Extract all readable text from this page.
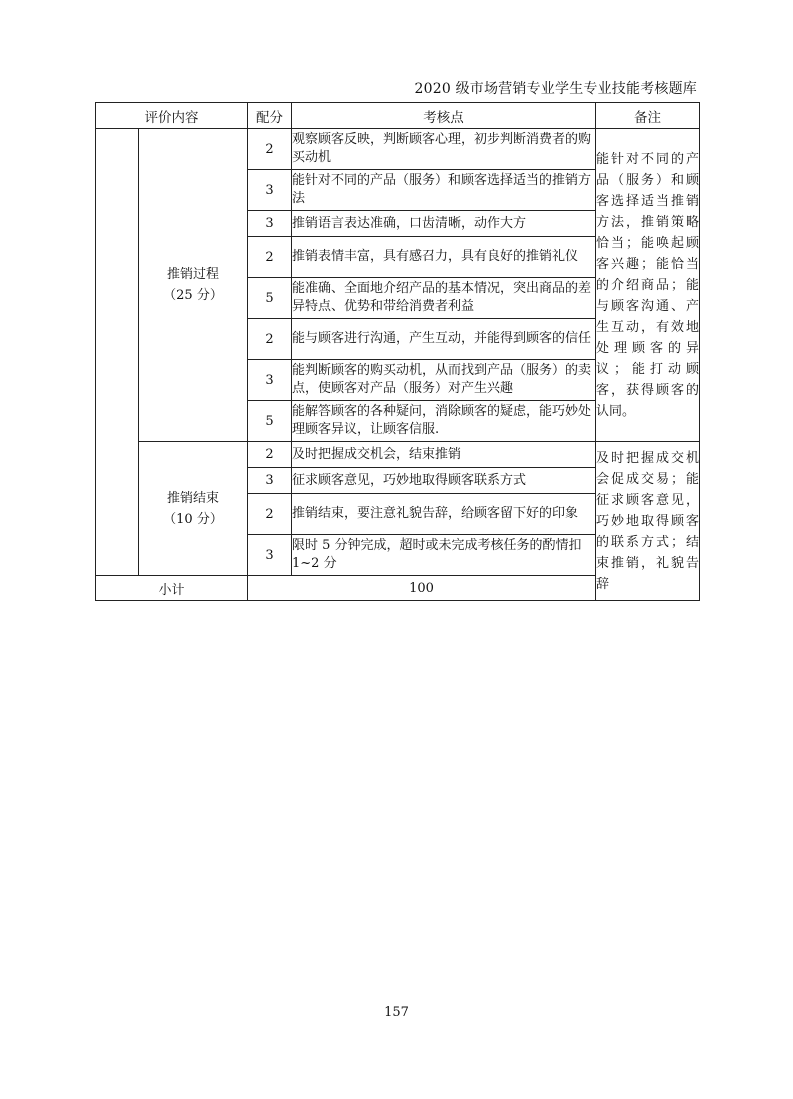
2020 级市场营销专业学生专业技能考核题库
评价内容		配分	考核点	备注

	推销过程
（25 分）	2	观察顾客反映，判断顾客心理，初步判断消费者的购买动机	能针对不同的产品（服务）和顾客选择适当推销方法，推销策略恰当；能唤起顾客兴趣；能恰当的介绍商品；能与顾客沟通、产生互动，有效地处理顾客的异议；能打动顾客，获得顾客的认同。
		3	能针对不同的产品（服务）和顾客选择适当的推销方法	
		3	推销语言表达准确，口齿清晰，动作大方	
		2	推销表情丰富，具有感召力，具有良好的推销礼仪	
		5	能准确、全面地介绍产品的基本情况，突出商品的差异特点、优势和带给消费者利益	
		2	能与顾客进行沟通，产生互动，并能得到顾客的信任	
		3	能判断顾客的购买动机，从而找到产品（服务）的卖点，使顾客对产品（服务）对产生兴趣	
		5	能解答顾客的各种疑问，消除顾客的疑虑，能巧妙处理顾客异议，让顾客信服.	

	推销结束
（10 分）	2	及时把握成交机会，结束推销	及时把握成交机会促成交易；能征求顾客意见，巧妙地取得顾客的联系方式；结束推销，礼貌告辞
		3	征求顾客意见，巧妙地取得顾客联系方式	
		2	推销结束，要注意礼貌告辞，给顾客留下好的印象	
		3	限时 5 分钟完成，超时或未完成考核任务的酌情扣 1~2 分	
小计		100		
157
